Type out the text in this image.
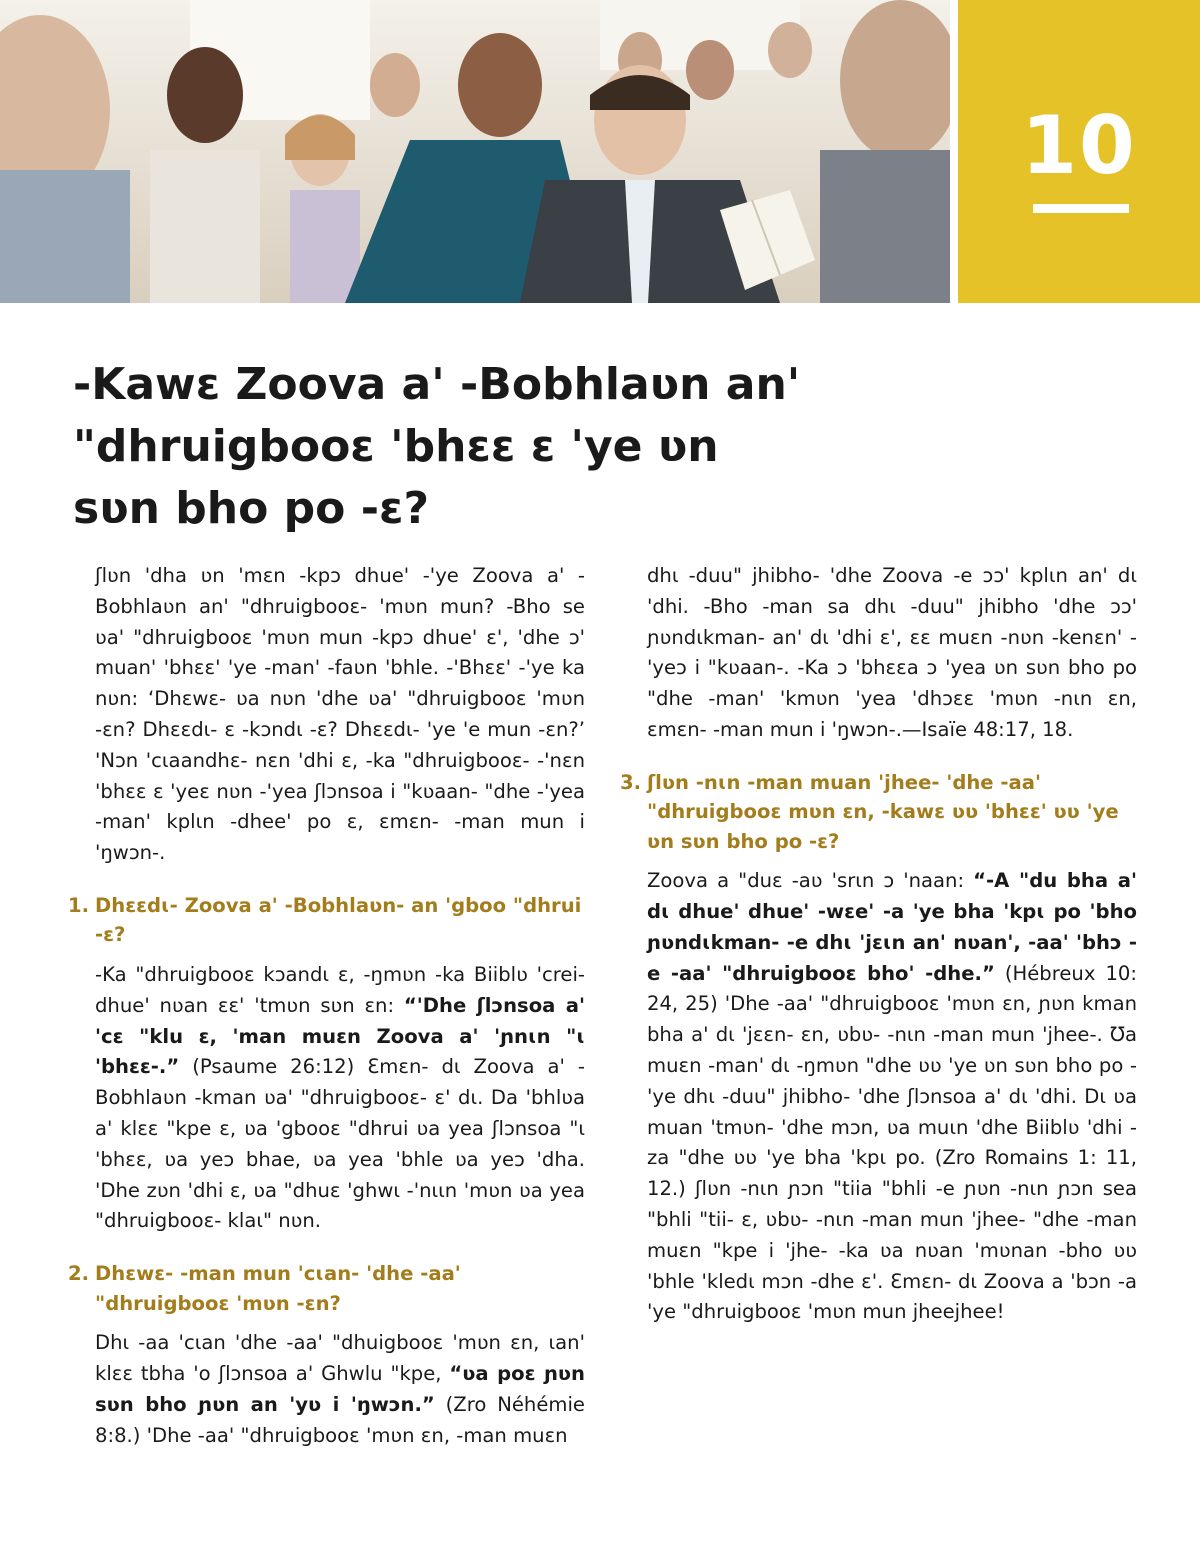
10
-Kawɛ Zoova a' -Bobhlaʋn an'
"dhruigbooɛ 'bhɛɛ ɛ 'ye ʋn
sʋn bho po -ɛ?

ʃlʋn 'dha ʋn 'mɛn -kpɔ dhue' -'ye Zoova a' -Bobhlaʋn an' "dhruigbooɛ- 'mʋn mun? -Bho se ʋa' "dhruigbooɛ 'mʋn mun -kpɔ dhue' ɛ', 'dhe ɔ' muan' 'bhɛɛ' 'ye -man' -faʋn 'bhle. -'Bhɛɛ' -'ye ka nʋn: ‘Dhɛwɛ- ʋa nʋn 'dhe ʋa' "dhruigbooɛ 'mʋn -ɛn? Dhɛɛdɩ- ɛ -kɔndɩ -ɛ? Dhɛɛdɩ- 'ye 'e mun -ɛn?’ 'Nɔn 'cɩaandhɛ- nɛn 'dhi ɛ, -ka "dhruigbooɛ- -'nɛn 'bhɛɛ ɛ 'yeɛ nʋn -'yea ʃlɔnsoa i "kʋaan- "dhe -'yea -man' kplɩn -dhee' po ɛ, ɛmɛn- -man mun i 'ŋwɔn-.

1. Dhɛɛdɩ- Zoova a' -Bobhlaʋn- an 'gboo "dhrui -ɛ?

-Ka "dhruigbooɛ kɔandɩ ɛ, -ŋmʋn -ka Biiblʋ 'crei- dhue' nʋan ɛɛ' 'tmʋn sʋn ɛn: “'Dhe ʃlɔnsoa a' 'cɛ "klu ɛ, 'man muɛn Zoova a' 'ɲnɩn "ɩ 'bhɛɛ-.” (Psaume 26:12) Ɛmɛn- dɩ Zoova a' -Bobhlaʋn -kman ʋa' "dhruigbooɛ- ɛ' dɩ. Da 'bhlʋa a' klɛɛ "kpe ɛ, ʋa 'gbooɛ "dhrui ʋa yea ʃlɔnsoa "ɩ 'bhɛɛ, ʋa yeɔ bhae, ʋa yea 'bhle ʋa yeɔ 'dha. 'Dhe zʋn 'dhi ɛ, ʋa "dhuɛ 'ghwɩ -'nɩɩn 'mʋn ʋa yea "dhruigbooɛ- klaɩ" nʋn.

2. Dhɛwɛ- -man mun 'cɩan- 'dhe -aa' "dhruigbooɛ 'mʋn -ɛn?

Dhɩ -aa 'cɩan 'dhe -aa' "dhuigbooɛ 'mʋn ɛn, ɩan' klɛɛ tbha 'o ʃlɔnsoa a' Ghwlu "kpe, “ʋa poɛ ɲʋn sʋn bho ɲʋn an 'yʋ i 'ŋwɔn.” (Zro Néhémie 8:8.) 'Dhe -aa' "dhruigbooɛ 'mʋn ɛn, -man muɛn

dhɩ -duu" jhibho- 'dhe Zoova -e ɔɔ' kplɩn an' dɩ 'dhi. -Bho -man sa dhɩ -duu" jhibho 'dhe ɔɔ' ɲʋndɩkman- an' dɩ 'dhi ɛ', ɛɛ muɛn -nʋn -kenɛn' -'yeɔ i "kʋaan-. -Ka ɔ 'bhɛɛa ɔ 'yea ʋn sʋn bho po "dhe -man' 'kmʋn 'yea 'dhɔɛɛ 'mʋn -nɩn ɛn, ɛmɛn- -man mun i 'ŋwɔn-.—Isaïe 48:17, 18.

3. ʃlʋn -nɩn -man muan 'jhee- 'dhe -aa' "dhruigbooɛ mʋn ɛn, -kawɛ ʋʋ 'bhɛɛ' ʋʋ 'ye ʋn sʋn bho po -ɛ?

Zoova a "duɛ -aʋ 'srɩn ɔ 'naan: “-A "du bha a' dɩ dhue' dhue' -wɛe' -a 'ye bha 'kpɩ po 'bho ɲʋndɩkman- -e dhɩ 'jɛɩn an' nʋan', -aa' 'bhɔ -e -aa' "dhruigbooɛ bho' -dhe.” (Hébreux 10: 24, 25) 'Dhe -aa' "dhruigbooɛ 'mʋn ɛn, ɲʋn kman bha a' dɩ 'jɛɛn- ɛn, ʋbʋ- -nɩn -man mun 'jhee-. Ʊa muɛn -man' dɩ -ŋmʋn "dhe ʋʋ 'ye ʋn sʋn bho po -'ye dhɩ -duu" jhibho- 'dhe ʃlɔnsoa a' dɩ 'dhi. Dɩ ʋa muan 'tmʋn- 'dhe mɔn, ʋa muɩn 'dhe Biiblʋ 'dhi -za "dhe ʋʋ 'ye bha 'kpɩ po. (Zro Romains 1: 11, 12.) ʃlʋn -nɩn ɲɔn "tiia "bhli -e ɲʋn -nɩn ɲɔn sea "bhli "tii- ɛ, ʋbʋ- -nɩn -man mun 'jhee- "dhe -man muɛn "kpe i 'jhe- -ka ʋa nʋan 'mʋnan -bho ʋʋ 'bhle 'kledɩ mɔn -dhe ɛ'. Ɛmɛn- dɩ Zoova a 'bɔn -a 'ye "dhruigbooɛ 'mʋn mun jheejhee!
